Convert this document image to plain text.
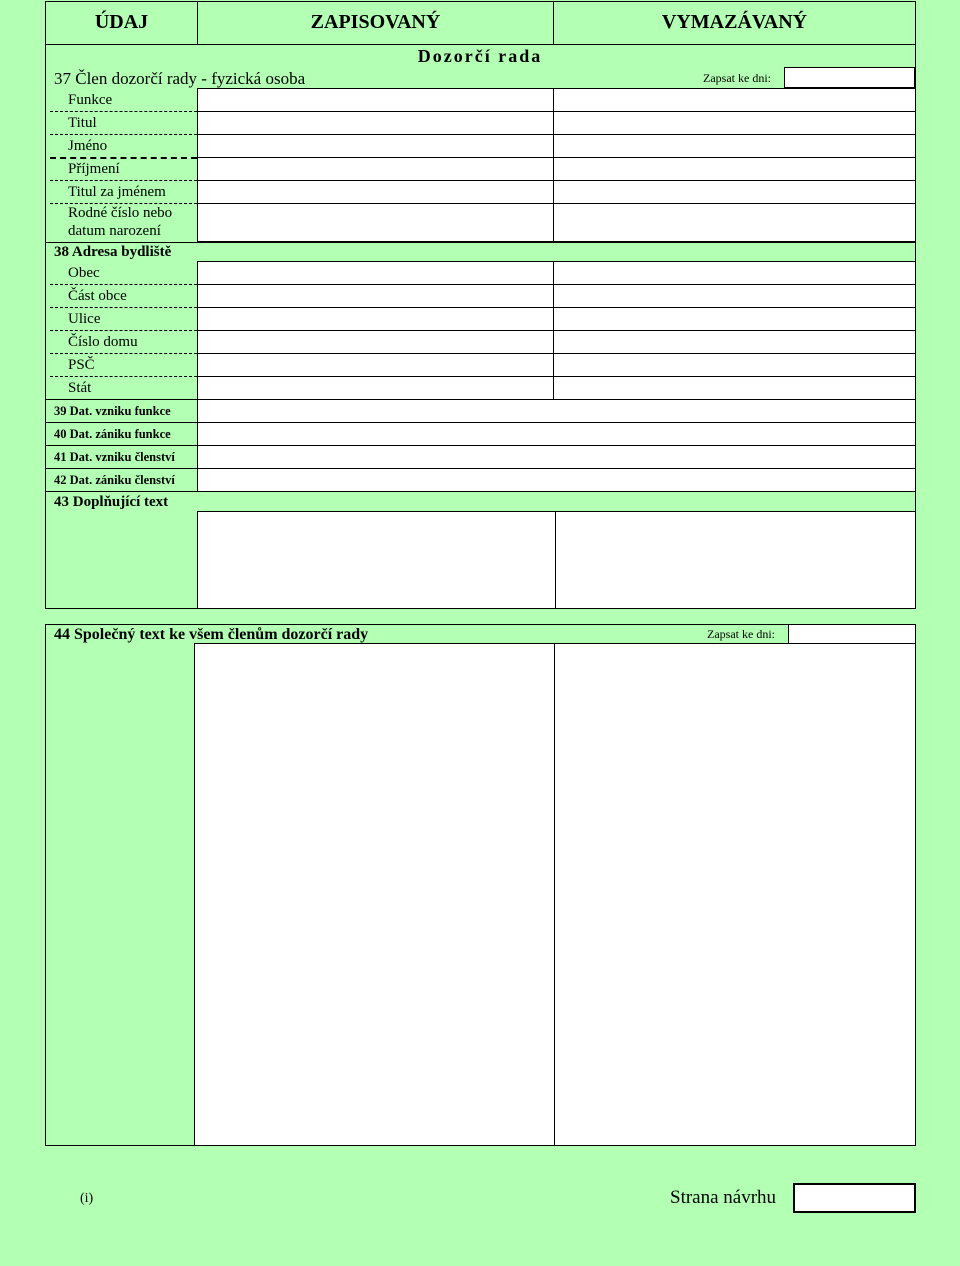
ÚDAJ	ZAPISOVANÝ	VYMAZÁVANÝ
Dozorčí rada
37 Člen dozorčí rady - fyzická osoba	Zapsat ke dni:
Funkce
Titul
Jméno
Příjmení
Titul za jménem
Rodné číslo nebo
datum narození
38 Adresa bydliště
Obec
Část obce
Ulice
Číslo domu
PSČ
Stát
39 Dat. vzniku funkce
40 Dat. zániku funkce
41 Dat. vzniku členství
42 Dat. zániku členství
43 Doplňující text
44 Společný text ke všem členům dozorčí rady	Zapsat ke dni:
(i)	Strana návrhu
